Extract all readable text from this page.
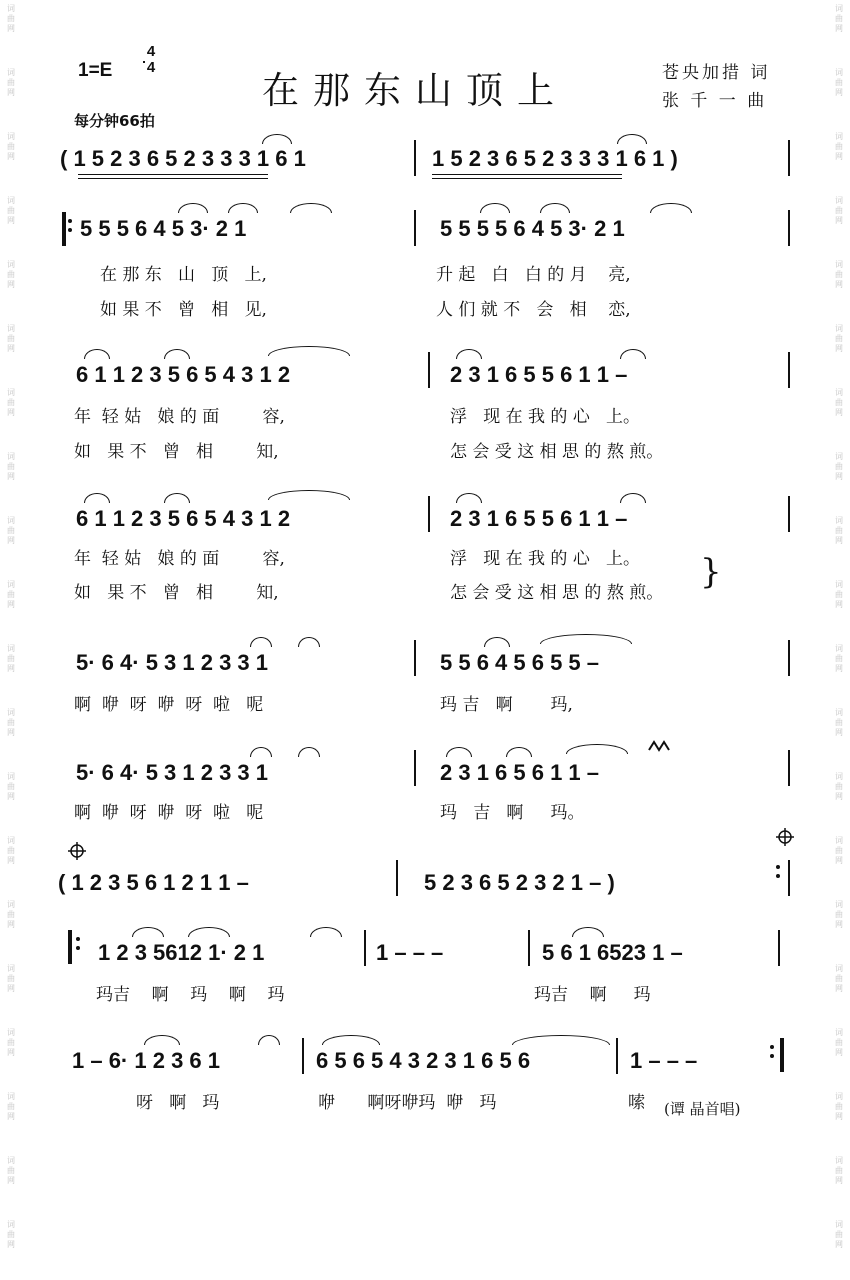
词
曲
网
词
曲
网
词
曲
网
词
曲
网
词
曲
网
词
曲
网
词
曲
网
词
曲
网
词
曲
网
词
曲
网
词
曲
网
词
曲
网
词
曲
网
词
曲
网
词
曲
网
词
曲
网
词
曲
网
词
曲
网
词
曲
网
词
曲
网
词
曲
网
词
曲
网
词
曲
网
词
曲
网
词
曲
网
词
曲
网
词
曲
网
词
曲
网
词
曲
网
词
曲
网
词
曲
网
词
曲
网
词
曲
网
词
曲
网
词
曲
网
词
曲
网
词
曲
网
词
曲
网
词
曲
网
词
曲
网
1=E
4
4
在那东山顶上	苍央加措 词
张 千 一 曲
每分钟66拍
( 1 5 2 3 6 5 2 3 3 3 1 6 1	1 5 2 3 6 5 2 3 3 3 1 6 1 )
5 5 5 6 4 5 3· 2 1	5 5 5 5 6 4 5 3· 2 1
在 那 东   山   顶   上,	升 起   白   白 的 月    亮,
如 果 不   曾   相   见,	人 们 就 不   会   相    恋,
6 1 1 2 3 5 6 5 4 3 1 2	2 3 1 6 5 5 6 1 1 –
年  轻 姑   娘 的 面        容,	浮   现 在 我 的 心   上。
如   果 不   曾   相        知,	怎 会 受 这 相 思 的 熬 煎。
6 1 1 2 3 5 6 5 4 3 1 2	2 3 1 6 5 5 6 1 1 –
年  轻 姑   娘 的 面        容,	浮   现 在 我 的 心   上。
如   果 不   曾   相        知,	怎 会 受 这 相 思 的 熬 煎。
}
5· 6 4· 5 3 1 2 3 3 1	5 5 6 4 5 6 5 5 –
啊  咿  呀  咿  呀  啦   呢	玛 吉   啊       玛,
5· 6 4· 5 3 1 2 3 3 1	2 3 1 6 5 6 1 1 –
啊  咿  呀  咿  呀  啦   呢	玛   吉   啊     玛。
( 1 2 3 5 6 1 2 1 1 –	5 2 3 6 5 2 3 2 1 – )
1 2 3 5612 1· 2 1	1 – – –	5 6 1 6523 1 –
玛吉    啊    玛    啊    玛	玛吉    啊     玛
1 – 6· 1 2 3 6 1	6 5 6 5 4 3 2 3 1 6 5 6	1 – – –
呀   啊   玛	咿      啊呀咿玛  咿   玛	嗦 (谭 晶首唱)
